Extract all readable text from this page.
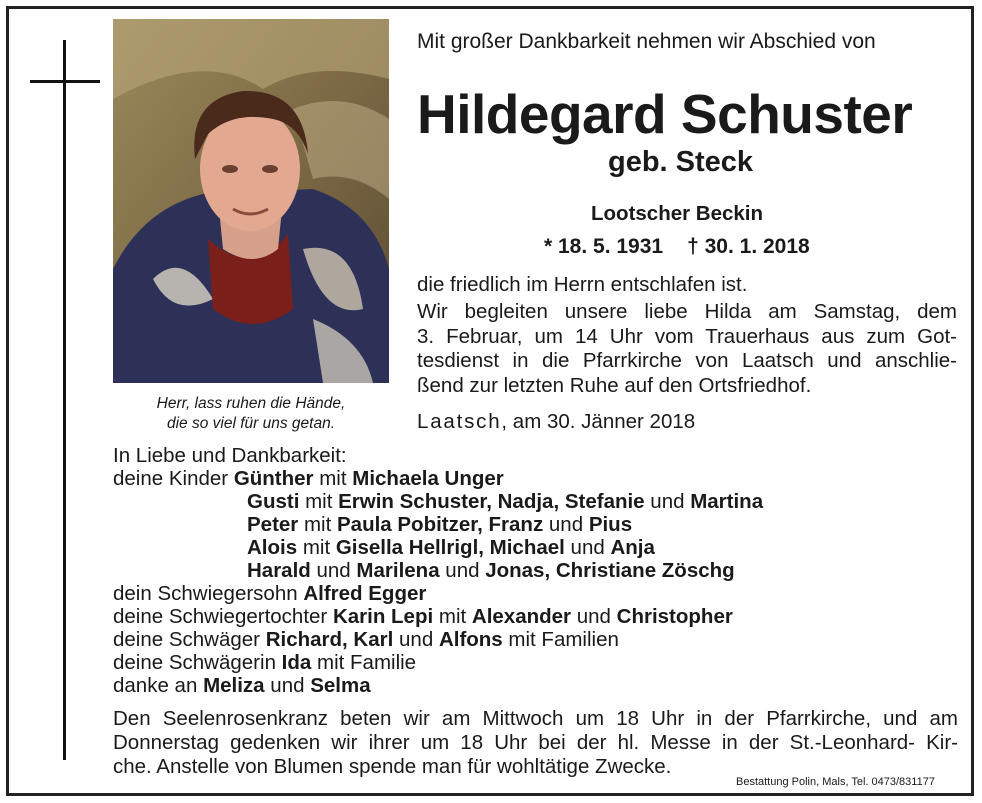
Herr, lass ruhen die Hände,
die so viel für uns getan.
Mit großer Dankbarkeit nehmen wir Abschied von
Hildegard Schuster
geb. Steck
Lootscher Beckin
* 18. 5. 1931 † 30. 1. 2018
die friedlich im Herrn entschlafen ist.
Wir begleiten unsere liebe Hilda am Samstag, dem
3. Februar, um 14 Uhr vom Trauerhaus aus zum Got-
tesdienst in die Pfarrkirche von Laatsch und anschlie-
ßend zur letzten Ruhe auf den Ortsfriedhof.
Laatsch, am 30. Jänner 2018
In Liebe und Dankbarkeit:
deine Kinder Günther mit Michaela Unger
Gusti mit Erwin Schuster, Nadja, Stefanie und Martina
Peter mit Paula Pobitzer, Franz und Pius
Alois mit Gisella Hellrigl, Michael und Anja
Harald und Marilena und Jonas, Christiane Zöschg
dein Schwiegersohn Alfred Egger
deine Schwiegertochter Karin Lepi mit Alexander und Christopher
deine Schwäger Richard, Karl und Alfons mit Familien
deine Schwägerin Ida mit Familie
danke an Meliza und Selma
Den Seelenrosenkranz beten wir am Mittwoch um 18 Uhr in der Pfarrkirche, und am
Donnerstag gedenken wir ihrer um 18 Uhr bei der hl. Messe in der St.-Leonhard- Kir-
che. Anstelle von Blumen spende man für wohltätige Zwecke.
Bestattung Polin, Mals, Tel. 0473/831177
